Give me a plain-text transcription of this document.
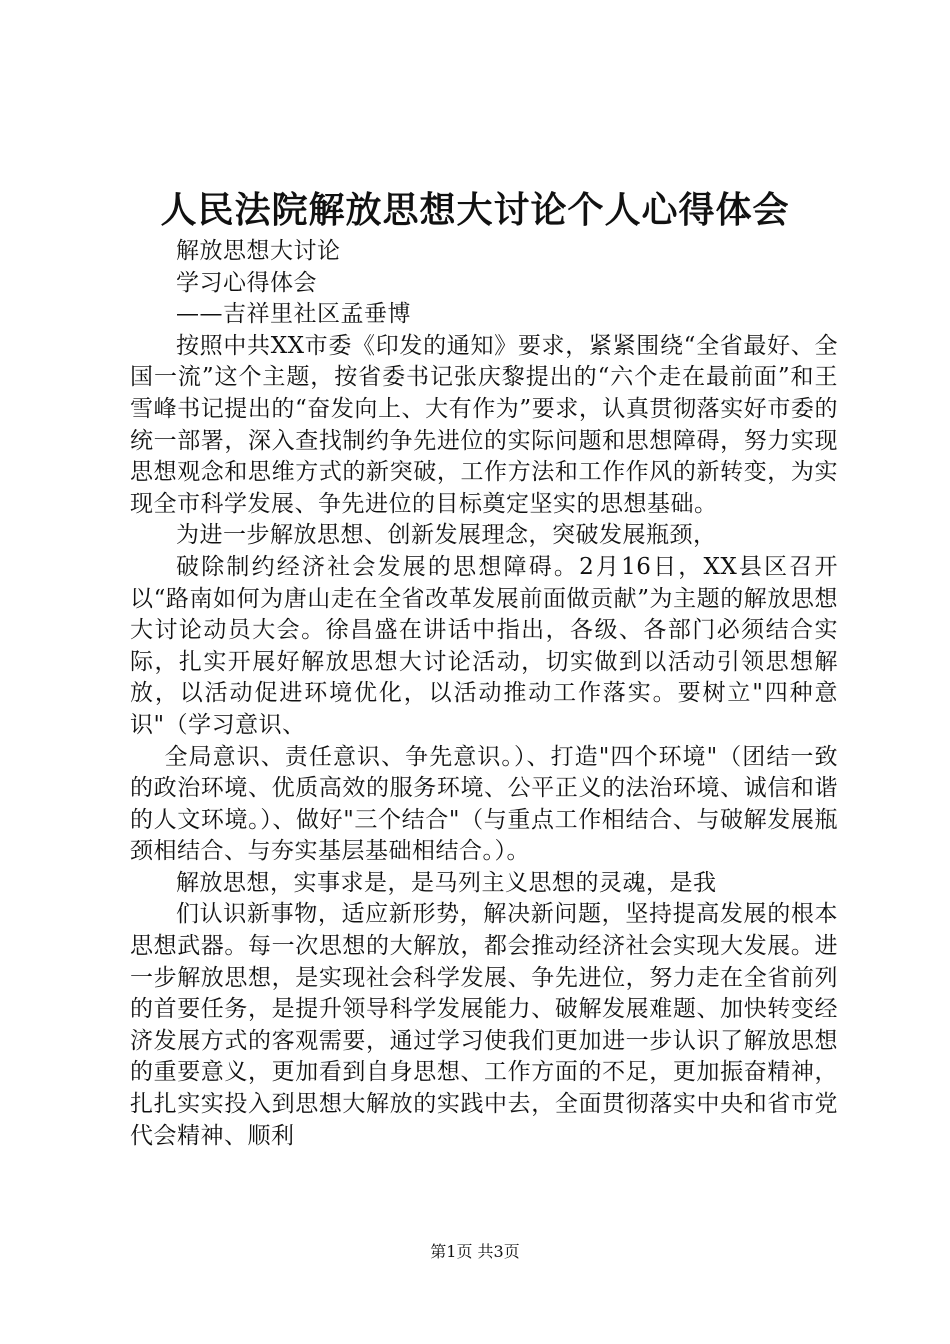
人民法院解放思想大讨论个人心得体会

解放思想大讨论

学习心得体会

——吉祥里社区孟垂博

按照中共XX市委《印发的通知》要求，紧紧围绕“全省最好、全国一流”这个主题，按省委书记张庆黎提出的“六个走在最前面”和王雪峰书记提出的“奋发向上、大有作为”要求，认真贯彻落实好市委的统一部署，深入查找制约争先进位的实际问题和思想障碍，努力实现思想观念和思维方式的新突破，工作方法和工作作风的新转变，为实现全市科学发展、争先进位的目标奠定坚实的思想基础。

为进一步解放思想、创新发展理念，突破发展瓶颈，

破除制约经济社会发展的思想障碍。2月16日，XX县区召开以“路南如何为唐山走在全省改革发展前面做贡献”为主题的解放思想大讨论动员大会。徐昌盛在讲话中指出，各级、各部门必须结合实际，扎实开展好解放思想大讨论活动，切实做到以活动引领思想解放，以活动促进环境优化，以活动推动工作落实。要树立"四种意识"（学习意识、

全局意识、责任意识、争先意识。）、打造"四个环境"（团结一致的政治环境、优质高效的服务环境、公平正义的法治环境、诚信和谐的人文环境。）、做好"三个结合"（与重点工作相结合、与破解发展瓶颈相结合、与夯实基层基础相结合。）。

解放思想，实事求是，是马列主义思想的灵魂，是我

们认识新事物，适应新形势，解决新问题，坚持提高发展的根本思想武器。每一次思想的大解放，都会推动经济社会实现大发展。进一步解放思想，是实现社会科学发展、争先进位，努力走在全省前列的首要任务，是提升领导科学发展能力、破解发展难题、加快转变经济发展方式的客观需要，通过学习使我们更加进一步认识了解放思想的重要意义，更加看到自身思想、工作方面的不足，更加振奋精神，扎扎实实投入到思想大解放的实践中去，全面贯彻落实中央和省市党代会精神、顺利

第1页 共3页
